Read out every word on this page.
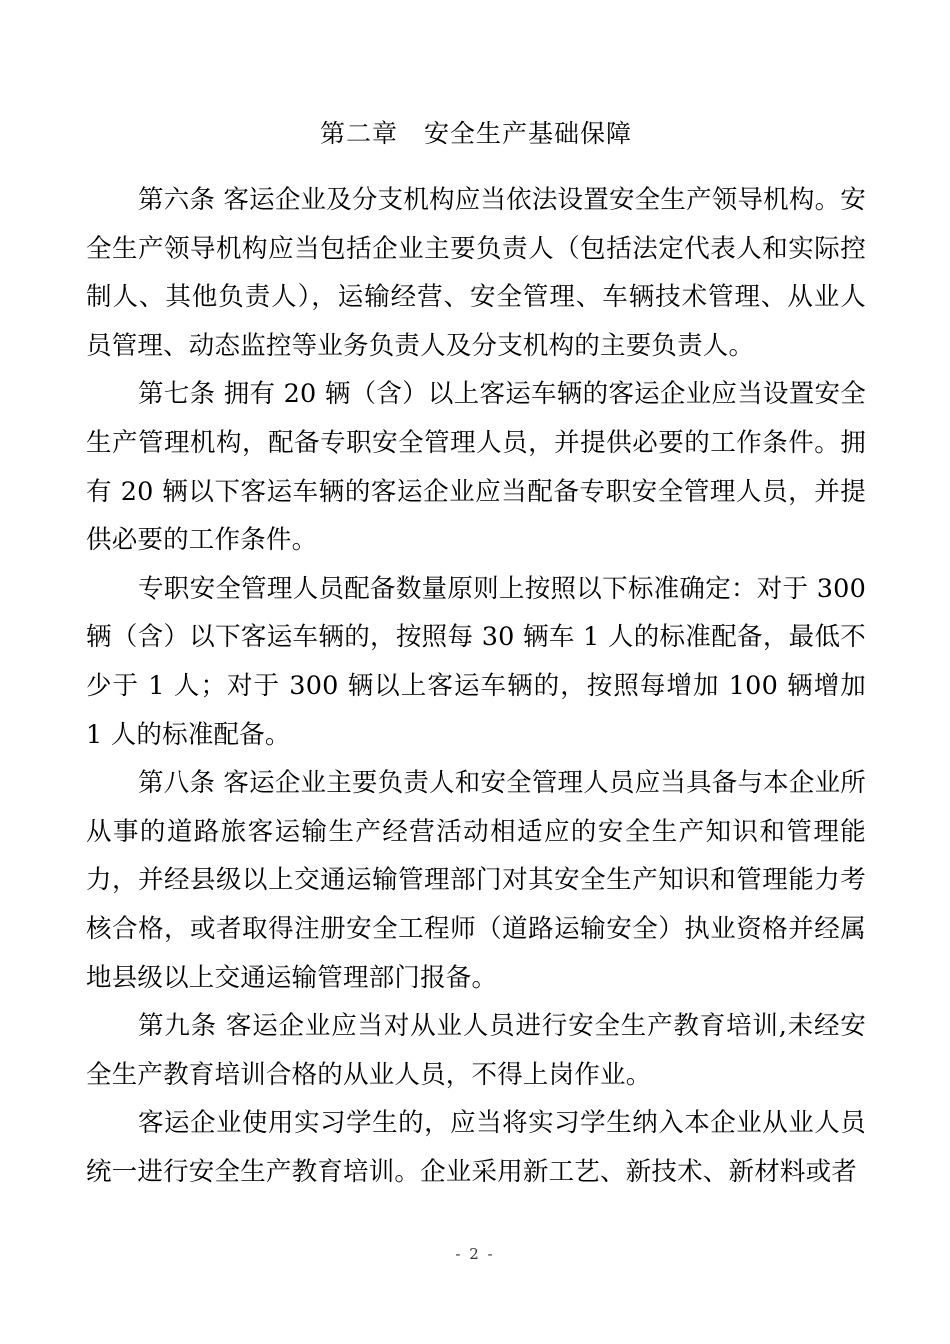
第二章　安全生产基础保障

第六条 客运企业及分支机构应当依法设置安全生产领导机构。安全生产领导机构应当包括企业主要负责人（包括法定代表人和实际控制人、其他负责人），运输经营、安全管理、车辆技术管理、从业人员管理、动态监控等业务负责人及分支机构的主要负责人。

第七条 拥有 20 辆（含）以上客运车辆的客运企业应当设置安全生产管理机构，配备专职安全管理人员，并提供必要的工作条件。拥有 20 辆以下客运车辆的客运企业应当配备专职安全管理人员，并提供必要的工作条件。

专职安全管理人员配备数量原则上按照以下标准确定：对于 300 辆（含）以下客运车辆的，按照每 30 辆车 1 人的标准配备，最低不少于 1 人；对于 300 辆以上客运车辆的，按照每增加 100 辆增加 1 人的标准配备。

第八条 客运企业主要负责人和安全管理人员应当具备与本企业所从事的道路旅客运输生产经营活动相适应的安全生产知识和管理能力，并经县级以上交通运输管理部门对其安全生产知识和管理能力考核合格，或者取得注册安全工程师（道路运输安全）执业资格并经属地县级以上交通运输管理部门报备。

第九条 客运企业应当对从业人员进行安全生产教育培训,未经安全生产教育培训合格的从业人员，不得上岗作业。

客运企业使用实习学生的，应当将实习学生纳入本企业从业人员统一进行安全生产教育培训。企业采用新工艺、新技术、新材料或者

- 2 -
